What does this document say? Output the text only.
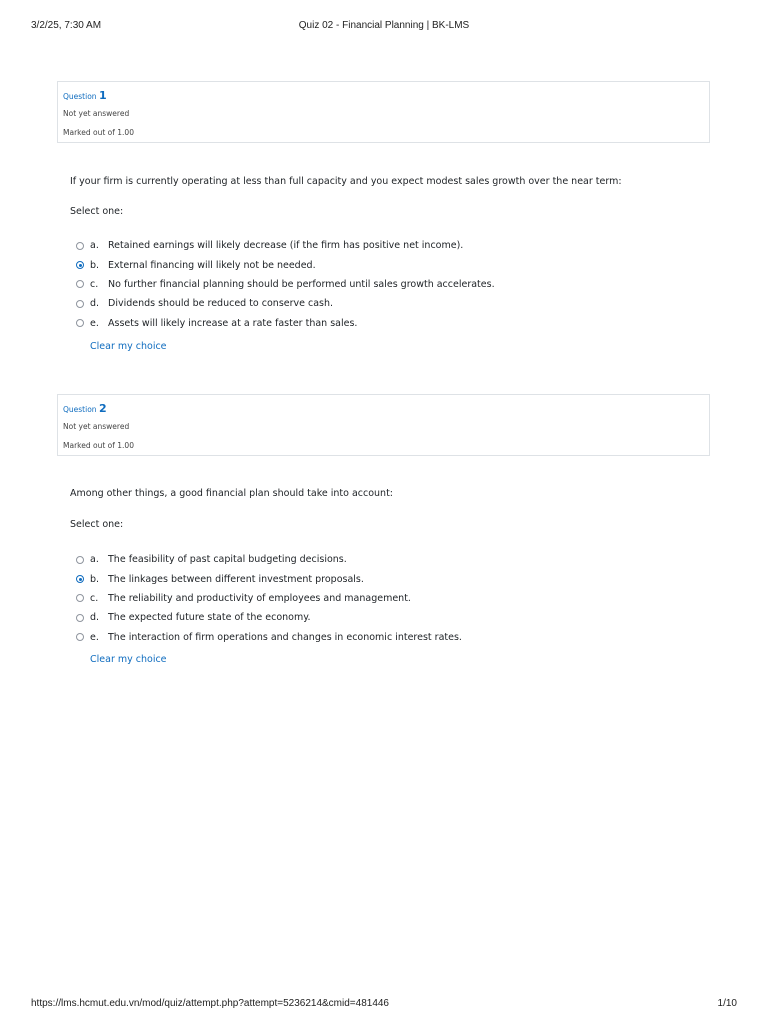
3/2/25, 7:30 AM	Quiz 02 - Financial Planning | BK-LMS
Question 1
Not yet answered
Marked out of 1.00
If your firm is currently operating at less than full capacity and you expect modest sales growth over the near term:
Select one:
a. Retained earnings will likely decrease (if the firm has positive net income).
b. External financing will likely not be needed.
c.	No further financial planning should be performed until sales growth accelerates.
d. Dividends should be reduced to conserve cash.
e. Assets will likely increase at a rate faster than sales.
Clear my choice
Question 2
Not yet answered
Marked out of 1.00
Among other things, a good financial plan should take into account:
Select one:
a. The feasibility of past capital budgeting decisions.
b. The linkages between different investment proposals.
c.	The reliability and productivity of employees and management.
d. The expected future state of the economy.
e. The interaction of firm operations and changes in economic interest rates.
Clear my choice
https://lms.hcmut.edu.vn/mod/quiz/attempt.php?attempt=5236214&cmid=481446	1/10
